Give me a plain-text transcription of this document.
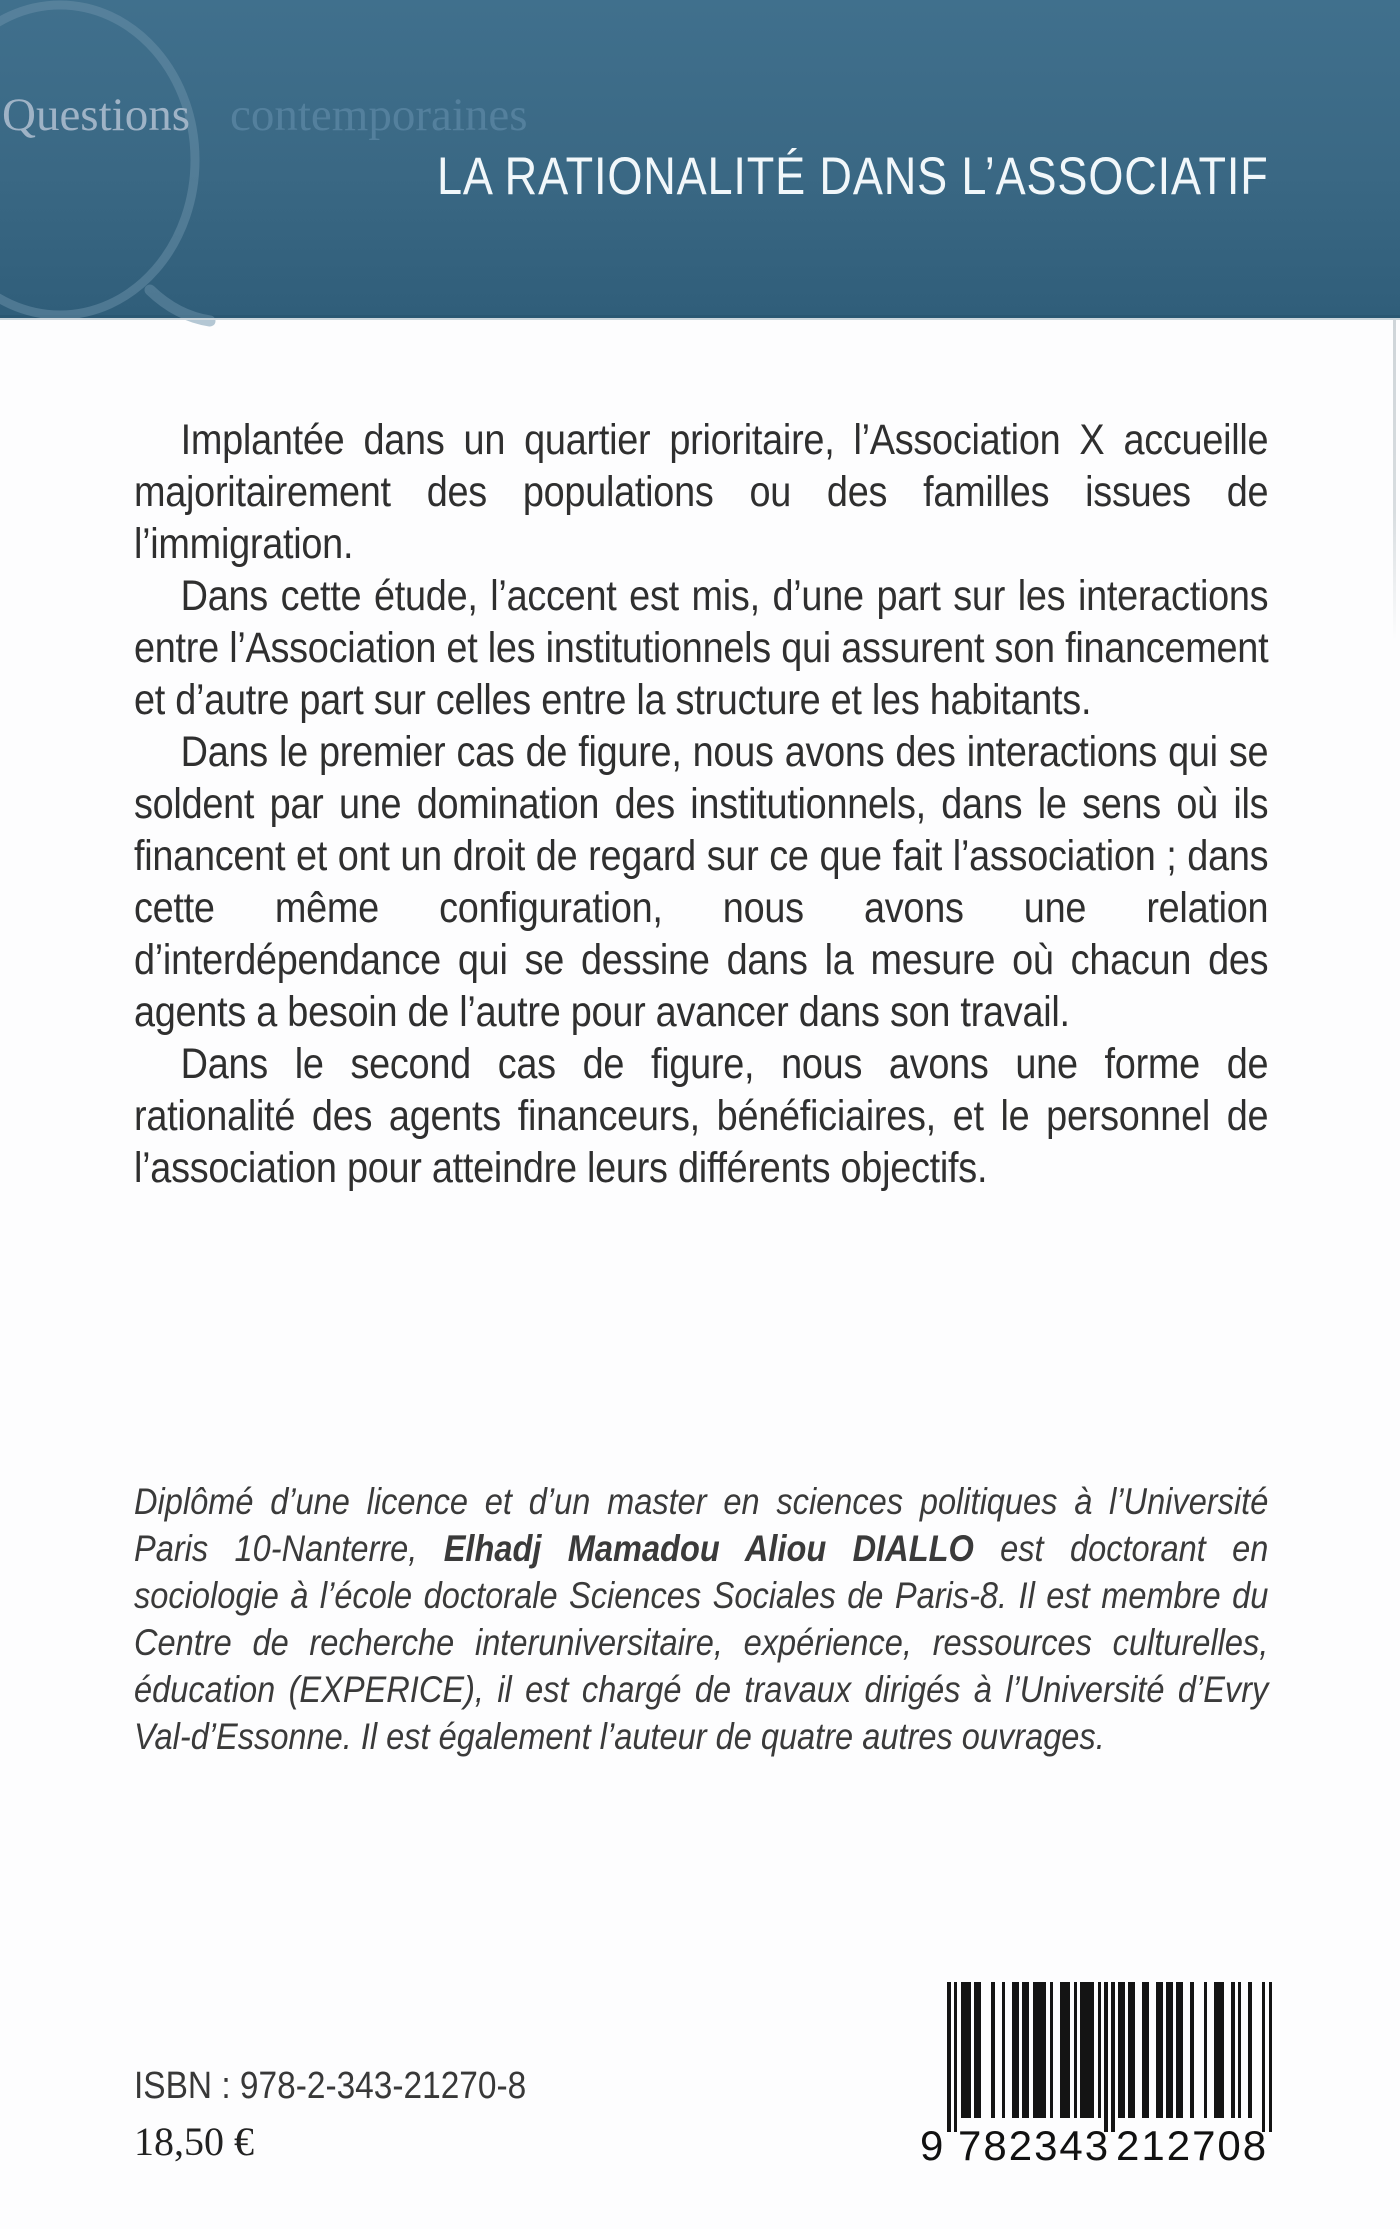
Questions contemporaines
LA RATIONALITÉ DANS L’ASSOCIATIF

Implantée dans un quartier prioritaire, l’Association X accueille majoritairement des populations ou des familles issues de l’immigration.

Dans cette étude, l’accent est mis, d’une part sur les interactions entre l’Association et les institutionnels qui assurent son financement et d’autre part sur celles entre la structure et les habitants.

Dans le premier cas de figure, nous avons des interactions qui se soldent par une domination des institutionnels, dans le sens où ils financent et ont un droit de regard sur ce que fait l’association ; dans cette même configuration, nous avons une relation d’interdépendance qui se dessine dans la mesure où chacun des agents a besoin de l’autre pour avancer dans son travail.

Dans le second cas de figure, nous avons une forme de rationalité des agents financeurs, bénéficiaires, et le personnel de l’association pour atteindre leurs différents objectifs.

Diplômé d’une licence et d’un master en sciences politiques à l’Université Paris 10-Nanterre, Elhadj Mamadou Aliou DIALLO est doctorant en sociologie à l’école doctorale Sciences Sociales de Paris-8. Il est membre du Centre de recherche interuniversitaire, expérience, ressources culturelles, éducation (EXPERICE), il est chargé de travaux dirigés à l’Université d’Evry Val-d’Essonne. Il est également l’auteur de quatre autres ouvrages.
ISBN : 978-2-343-21270-8
18,50 €	9 782343 212708
